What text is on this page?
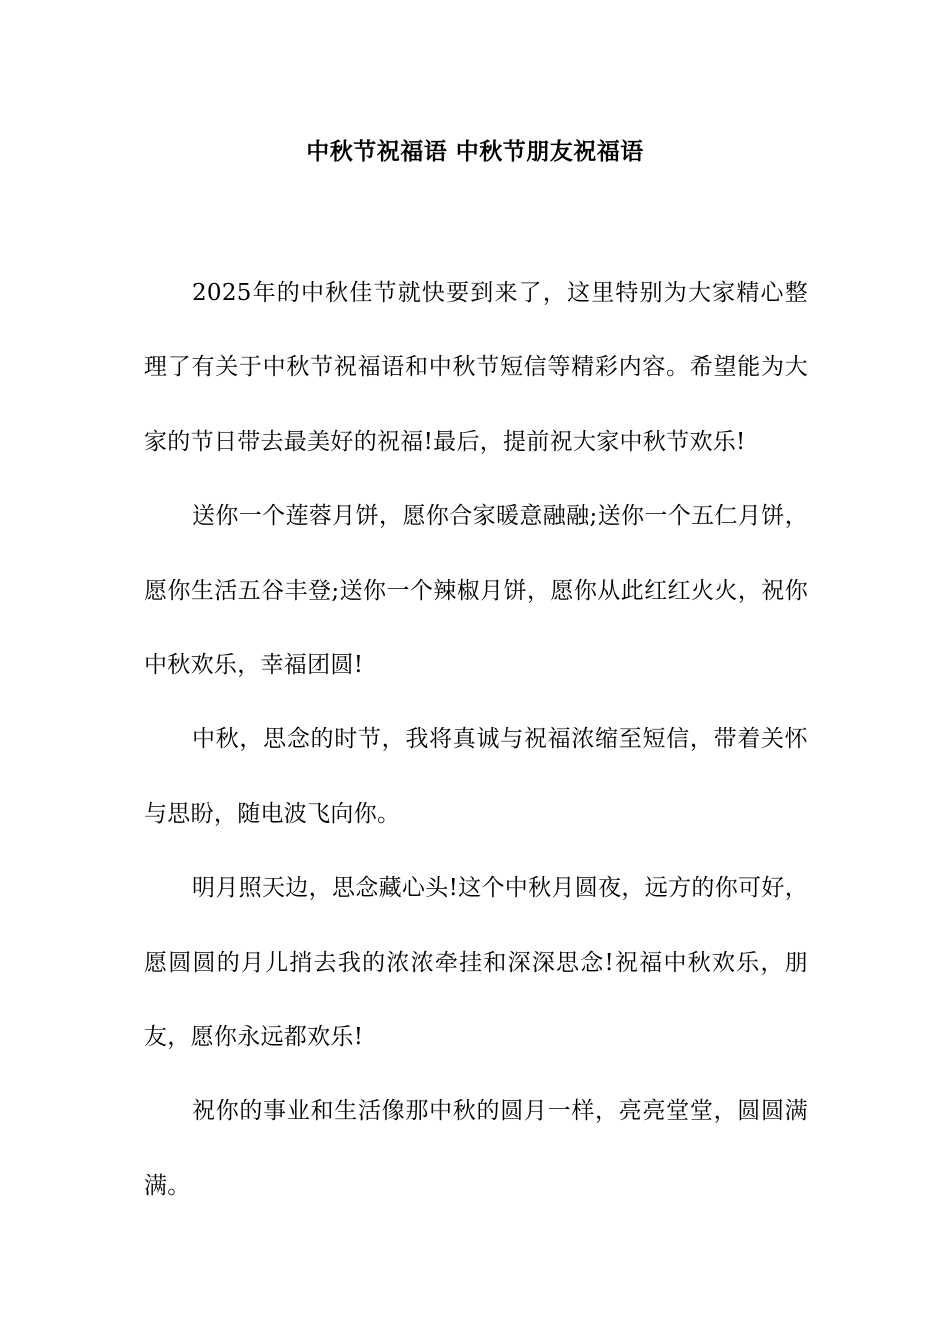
中秋节祝福语 中秋节朋友祝福语

2025年的中秋佳节就快要到来了，这里特别为大家精心整理了有关于中秋节祝福语和中秋节短信等精彩内容。希望能为大家的节日带去最美好的祝福!最后，提前祝大家中秋节欢乐!

送你一个莲蓉月饼，愿你合家暖意融融;送你一个五仁月饼，愿你生活五谷丰登;送你一个辣椒月饼，愿你从此红红火火，祝你中秋欢乐，幸福团圆!

中秋，思念的时节，我将真诚与祝福浓缩至短信，带着关怀与思盼，随电波飞向你。

明月照天边，思念藏心头!这个中秋月圆夜，远方的你可好，愿圆圆的月儿捎去我的浓浓牵挂和深深思念!祝福中秋欢乐，朋友，愿你永远都欢乐!

祝你的事业和生活像那中秋的圆月一样，亮亮堂堂，圆圆满满。
